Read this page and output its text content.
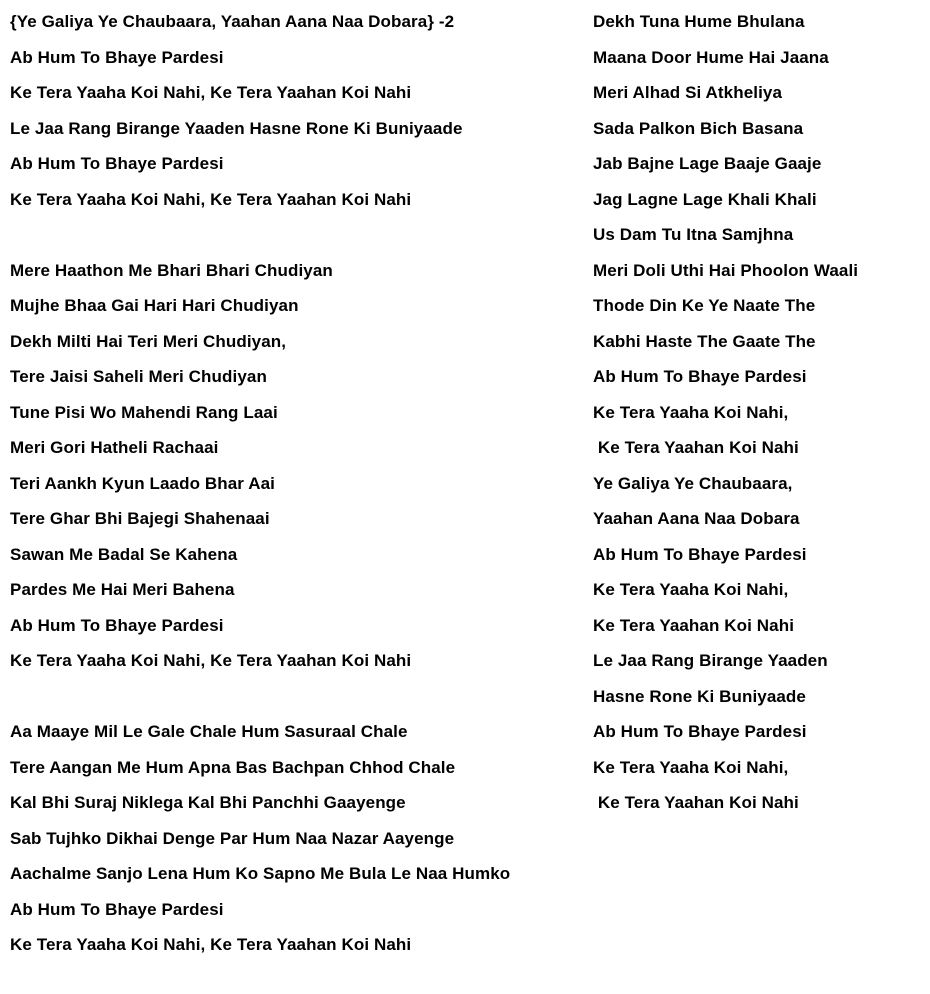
{Ye Galiya Ye Chaubaara, Yaahan Aana Naa Dobara} -2
Ab Hum To Bhaye Pardesi
Ke Tera Yaaha Koi Nahi, Ke Tera Yaahan Koi Nahi
Le Jaa Rang Birange Yaaden Hasne Rone Ki Buniyaade
Ab Hum To Bhaye Pardesi
Ke Tera Yaaha Koi Nahi, Ke Tera Yaahan Koi Nahi
Mere Haathon Me Bhari Bhari Chudiyan
Mujhe Bhaa Gai Hari Hari Chudiyan
Dekh Milti Hai Teri Meri Chudiyan,
Tere Jaisi Saheli Meri Chudiyan
Tune Pisi Wo Mahendi Rang Laai
Meri Gori Hatheli Rachaai
Teri Aankh Kyun Laado Bhar Aai
Tere Ghar Bhi Bajegi Shahenaai
Sawan Me Badal Se Kahena
Pardes Me Hai Meri Bahena
Ab Hum To Bhaye Pardesi
Ke Tera Yaaha Koi Nahi, Ke Tera Yaahan Koi Nahi
Aa Maaye Mil Le Gale Chale Hum Sasuraal Chale
Tere Aangan Me Hum Apna Bas Bachpan Chhod Chale
Kal Bhi Suraj Niklega Kal Bhi Panchhi Gaayenge
Sab Tujhko Dikhai Denge Par Hum Naa Nazar Aayenge
Aachalme Sanjo Lena Hum Ko Sapno Me Bula Le Naa Humko
Ab Hum To Bhaye Pardesi
Ke Tera Yaaha Koi Nahi, Ke Tera Yaahan Koi Nahi
Dekh Tuna Hume Bhulana
Maana Door Hume Hai Jaana
Meri Alhad Si Atkheliya
Sada Palkon Bich Basana
Jab Bajne Lage Baaje Gaaje
Jag Lagne Lage Khali Khali
Us Dam Tu Itna Samjhna
Meri Doli Uthi Hai Phoolon Waali
Thode Din Ke Ye Naate The
Kabhi Haste The Gaate The
Ab Hum To Bhaye Pardesi
Ke Tera Yaaha Koi Nahi,
Ke Tera Yaahan Koi Nahi
Ye Galiya Ye Chaubaara,
Yaahan Aana Naa Dobara
Ab Hum To Bhaye Pardesi
Ke Tera Yaaha Koi Nahi,
Ke Tera Yaahan Koi Nahi
Le Jaa Rang Birange Yaaden
Hasne Rone Ki Buniyaade
Ab Hum To Bhaye Pardesi
Ke Tera Yaaha Koi Nahi,
Ke Tera Yaahan Koi Nahi
